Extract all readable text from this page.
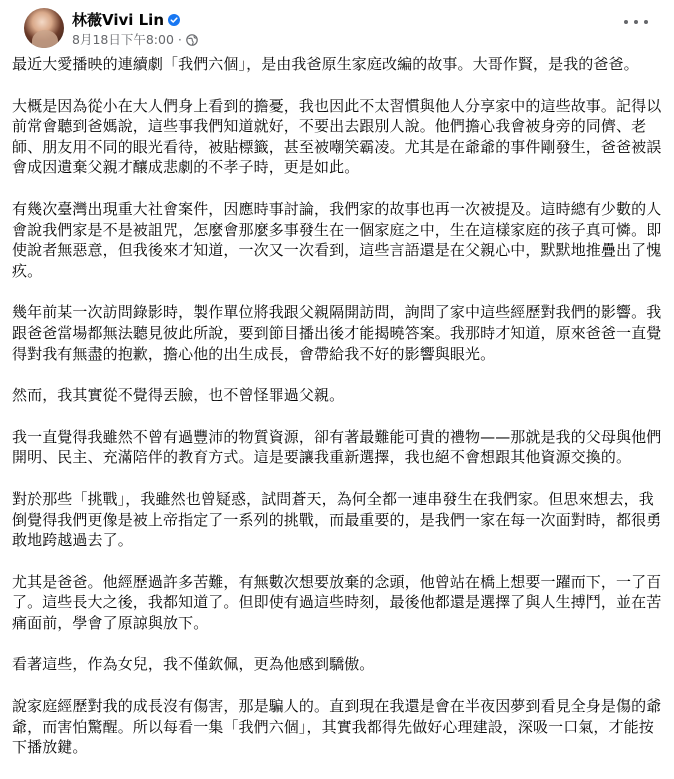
林薇Vivi Lin
8月18日下午8:00 ·

最近大愛播映的連續劇「我們六個」，是由我爸原生家庭改編的故事。大哥作賢，是我的爸爸。

大概是因為從小在大人們身上看到的擔憂，我也因此不太習慣與他人分享家中的這些故事。記得以前常會聽到爸媽說，這些事我們知道就好，不要出去跟別人說。他們擔心我會被身旁的同儕、老師、朋友用不同的眼光看待，被貼標籤，甚至被嘲笑霸凌。尤其是在爺爺的事件剛發生，爸爸被誤會成因遺棄父親才釀成悲劇的不孝子時，更是如此。

有幾次臺灣出現重大社會案件，因應時事討論，我們家的故事也再一次被提及。這時總有少數的人會說我們家是不是被詛咒，怎麼會那麼多事發生在一個家庭之中，生在這樣家庭的孩子真可憐。即使說者無惡意，但我後來才知道，一次又一次看到，這些言語還是在父親心中，默默地推疊出了愧疚。

幾年前某一次訪問錄影時，製作單位將我跟父親隔開訪問，詢問了家中這些經歷對我們的影響。我跟爸爸當場都無法聽見彼此所說，要到節目播出後才能揭曉答案。我那時才知道，原來爸爸一直覺得對我有無盡的抱歉，擔心他的出生成長，會帶給我不好的影響與眼光。

然而，我其實從不覺得丟臉，也不曾怪罪過父親。

我一直覺得我雖然不曾有過豐沛的物質資源，卻有著最難能可貴的禮物——那就是我的父母與他們開明、民主、充滿陪伴的教育方式。這是要讓我重新選擇，我也絕不會想跟其他資源交換的。

對於那些「挑戰」，我雖然也曾疑惑，試問蒼天，為何全都一連串發生在我們家。但思來想去，我倒覺得我們更像是被上帝指定了一系列的挑戰，而最重要的，是我們一家在每一次面對時，都很勇敢地跨越過去了。

尤其是爸爸。他經歷過許多苦難，有無數次想要放棄的念頭，他曾站在橋上想要一躍而下，一了百了。這些長大之後，我都知道了。但即使有過這些時刻，最後他都還是選擇了與人生搏鬥，並在苦痛面前，學會了原諒與放下。

看著這些，作為女兒，我不僅欽佩，更為他感到驕傲。

說家庭經歷對我的成長沒有傷害，那是騙人的。直到現在我還是會在半夜因夢到看見全身是傷的爺爺，而害怕驚醒。所以每看一集「我們六個」，其實我都得先做好心理建設，深吸一口氣，才能按下播放鍵。
